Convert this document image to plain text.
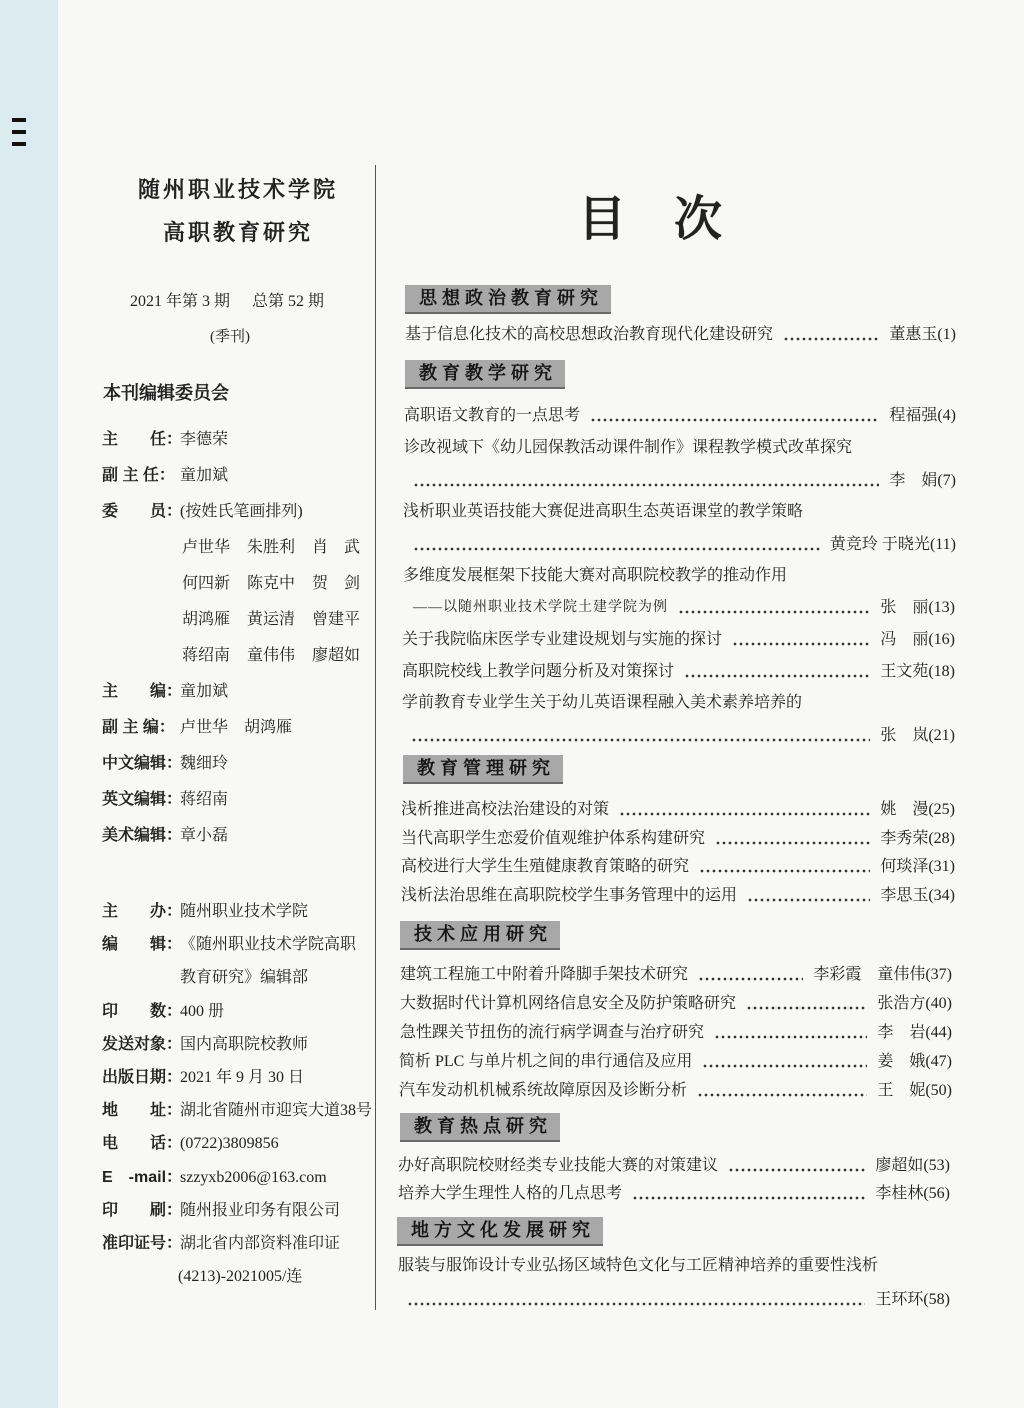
随州职业技术学院
高职教育研究
2021 年第 3 期 总第 52 期
(季刊)
本刊编辑委员会
主　　任：李德荣
副 主 任： 童加斌
委　　员：(按姓氏笔画排列)
卢世华 朱胜利 肖　武
何四新 陈克中 贺　剑
胡鸿雁 黄运清 曾建平
蒋绍南 童伟伟 廖超如
主　　编：童加斌
副 主 编： 卢世华　胡鸿雁
中文编辑：魏细玲
英文编辑：蒋绍南
美术编辑：章小磊
主　　办：随州职业技术学院
编　　辑：《随州职业技术学院高职
教育研究》编辑部
印　　数：400 册
发送对象：国内高职院校教师
出版日期：2021 年 9 月 30 日
地　　址：湖北省随州市迎宾大道38号
电　　话：(0722)3809856
E　-mail：szzyxb2006@163.com
印　　刷：随州报业印务有限公司
准印证号：湖北省内部资料准印证
(4213)-2021005/连
目　次
思想政治教育研究
基于信息化技术的高校思想政治教育现代化建设研究	董惠玉(1)
教育教学研究
高职语文教育的一点思考	程福强(4)
诊改视域下《幼儿园保教活动课件制作》课程教学模式改革探究
李　娟(7)
浅析职业英语技能大赛促进高职生态英语课堂的教学策略
黄竞玲 于晓光(11)
多维度发展框架下技能大赛对高职院校教学的推动作用
——以随州职业技术学院土建学院为例	张　丽(13)
关于我院临床医学专业建设规划与实施的探讨	冯　丽(16)
高职院校线上教学问题分析及对策探讨	王文苑(18)
学前教育专业学生关于幼儿英语课程融入美术素养培养的
张　岚(21)
教育管理研究
浅析推进高校法治建设的对策	姚　漫(25)
当代高职学生恋爱价值观维护体系构建研究	李秀荣(28)
高校进行大学生生殖健康教育策略的研究	何琰泽(31)
浅析法治思维在高职院校学生事务管理中的运用	李思玉(34)
技术应用研究
建筑工程施工中附着升降脚手架技术研究	李彩霞　童伟伟(37)
大数据时代计算机网络信息安全及防护策略研究	张浩方(40)
急性踝关节扭伤的流行病学调查与治疗研究	李　岩(44)
简析 PLC 与单片机之间的串行通信及应用	姜　娥(47)
汽车发动机机械系统故障原因及诊断分析	王　妮(50)
教育热点研究
办好高职院校财经类专业技能大赛的对策建议	廖超如(53)
培养大学生理性人格的几点思考	李桂林(56)
地方文化发展研究
服装与服饰设计专业弘扬区域特色文化与工匠精神培养的重要性浅析
王环环(58)
